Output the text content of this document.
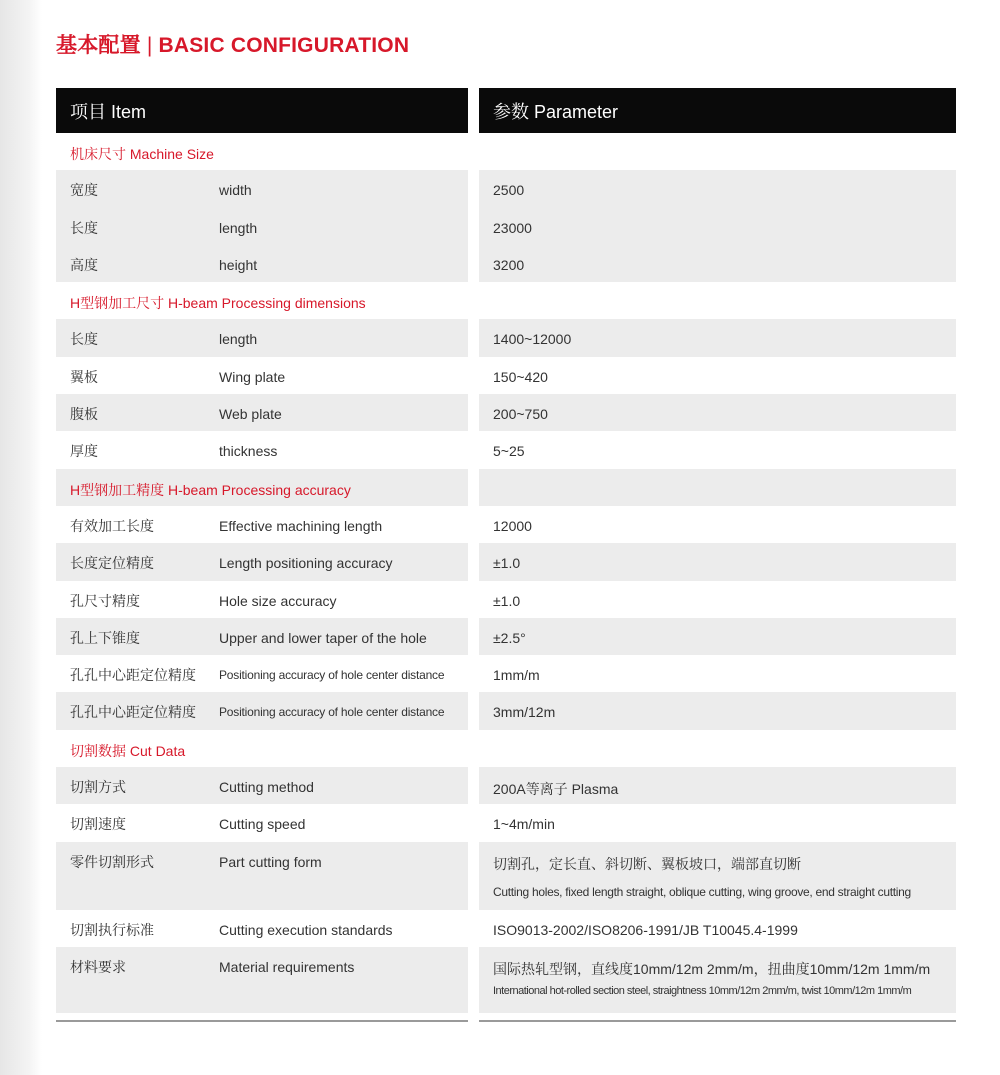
基本配置 | BASIC CONFIGURATION
项目 Item	参数 Parameter
机床尺寸 Machine Size
宽度	width	2500
长度	length	23000
高度	height	3200
H型钢加工尺寸 H-beam Processing dimensions
长度	length	1400~12000
翼板	Wing plate	150~420
腹板	Web plate	200~750
厚度	thickness	5~25
H型钢加工精度 H-beam Processing accuracy
有效加工长度	Effective machining length	12000
长度定位精度	Length positioning accuracy	±1.0
孔尺寸精度	Hole size accuracy	±1.0
孔上下锥度	Upper and lower taper of the hole	±2.5°
孔孔中心距定位精度 Positioning accuracy of hole center distance	1mm/m
孔孔中心距定位精度 Positioning accuracy of hole center distance	3mm/12m
切割数据 Cut Data
切割方式	Cutting method	200A等离子 Plasma
切割速度	Cutting speed	1~4m/min
零件切割形式	Part cutting form	切割孔，定长直、斜切断、翼板坡口，端部直切断
Cutting holes, fixed length straight, oblique cutting, wing groove, end straight cutting
切割执行标准	Cutting execution standards	ISO9013-2002/ISO8206-1991/JB T10045.4-1999
材料要求	Material requirements	国际热轧型钢，直线度10mm/12m 2mm/m，扭曲度10mm/12m 1mm/m
International hot-rolled section steel, straightness 10mm/12m 2mm/m, twist 10mm/12m 1mm/m
